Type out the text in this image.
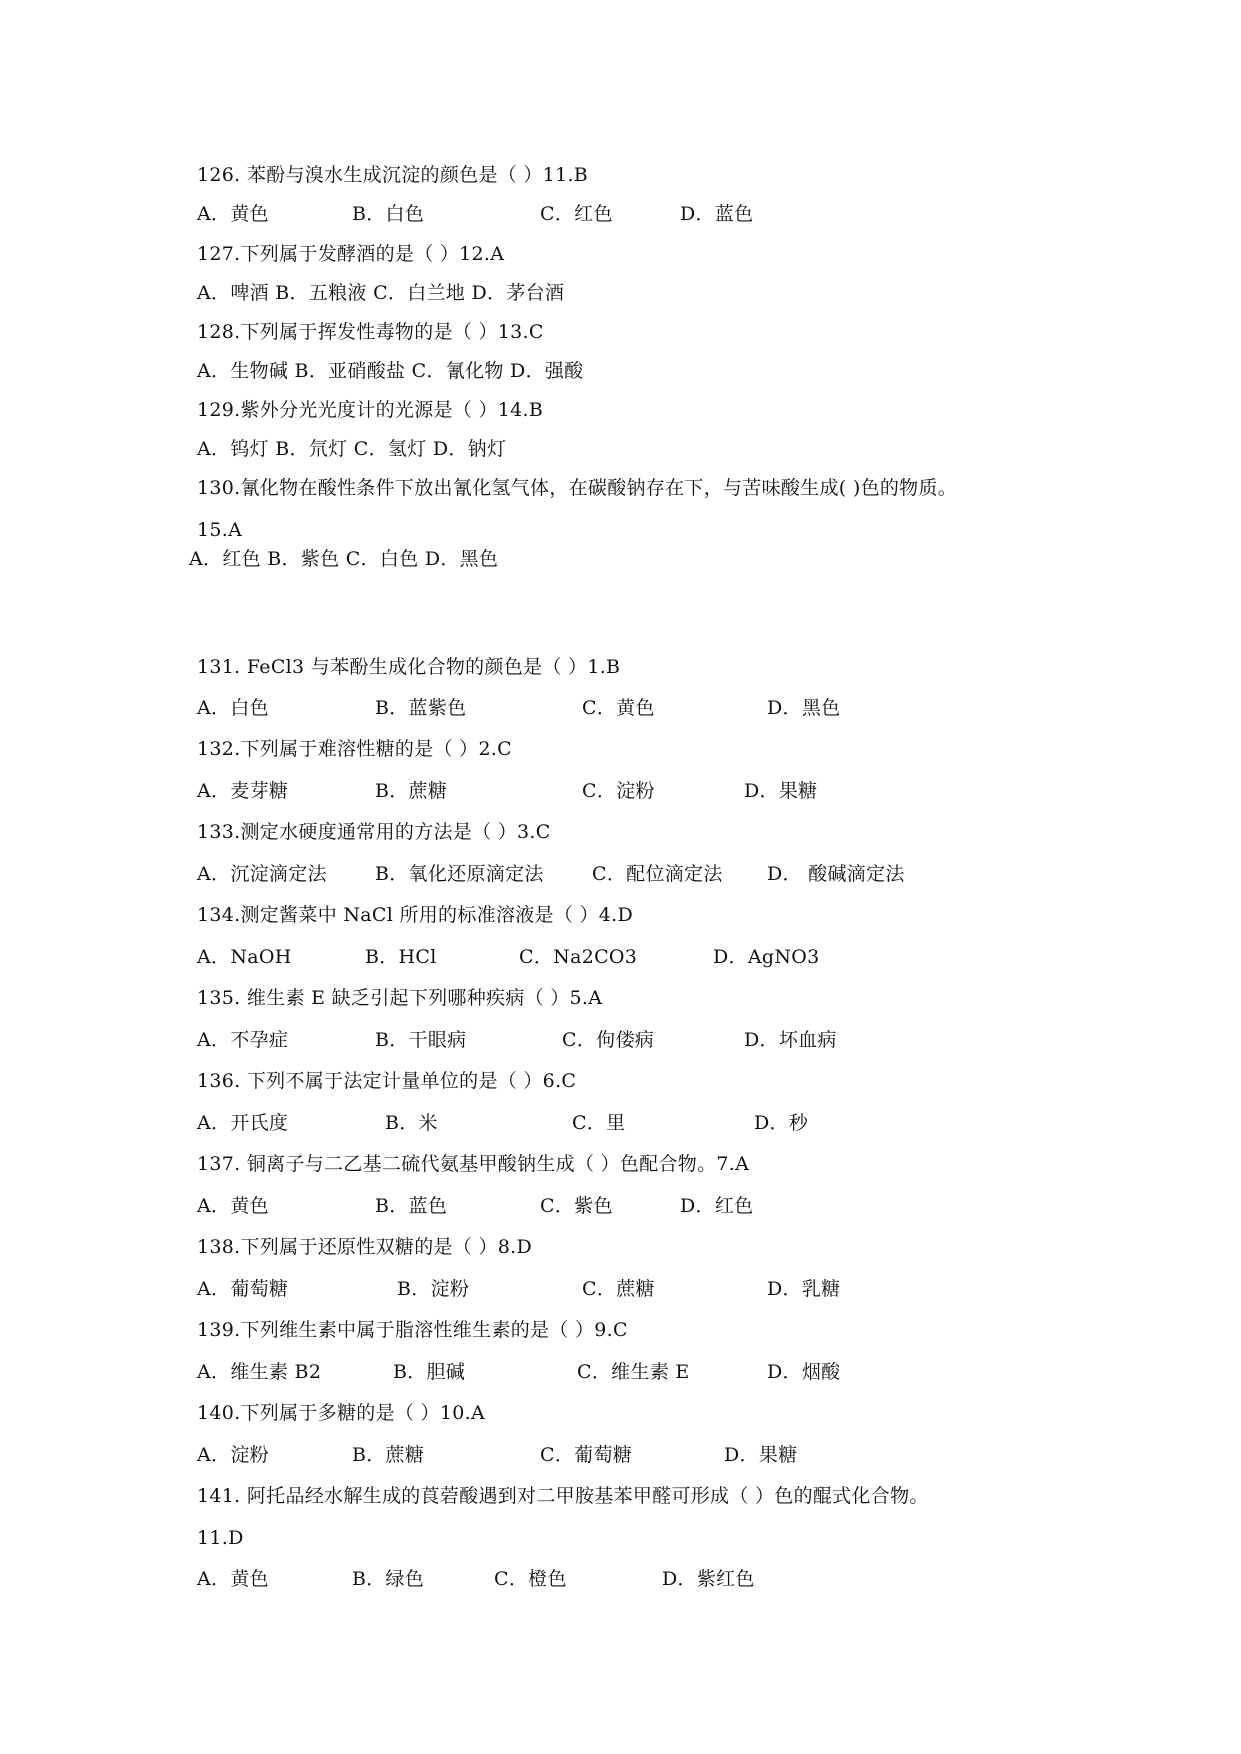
126. 苯酚与溴水生成沉淀的颜色是（ ）11.B
A．黄色	B．白色	C．红色	D．蓝色
127.下列属于发酵酒的是（ ）12.A
A．啤酒 B．五粮液 C．白兰地 D．茅台酒
128.下列属于挥发性毒物的是（ ）13.C
A．生物碱 B．亚硝酸盐 C．氰化物 D．强酸
129.紫外分光光度计的光源是（ ）14.B
A．钨灯 B．氘灯 C．氢灯 D．钠灯
130.氰化物在酸性条件下放出氰化氢气体，在碳酸钠存在下，与苦味酸生成( )色的物质。
15.A
A．红色 B．紫色 C．白色 D．黑色
131. FeCl3 与苯酚生成化合物的颜色是（ ）1.B
A．白色	B．蓝紫色	C．黄色	D．黑色
132.下列属于难溶性糖的是（ ）2.C
A．麦芽糖	B．蔗糖	C．淀粉	D．果糖
133.测定水硬度通常用的方法是（ ）3.C
A．沉淀滴定法	B．氧化还原滴定法	C．配位滴定法 D． 酸碱滴定法
134.测定酱菜中 NaCl 所用的标准溶液是（ ）4.D
A．NaOH	B．HCl	C．Na2CO3	D．AgNO3
135. 维生素 E 缺乏引起下列哪种疾病（ ）5.A
A．不孕症	B．干眼病	C．佝偻病	D．坏血病
136. 下列不属于法定计量单位的是（ ）6.C
A．开氏度	B．米	C．里	D．秒
137. 铜离子与二乙基二硫代氨基甲酸钠生成（ ）色配合物。7.A
A．黄色	B．蓝色	C．紫色	D．红色
138.下列属于还原性双糖的是（ ）8.D
A．葡萄糖	B．淀粉	C．蔗糖	D．乳糖
139.下列维生素中属于脂溶性维生素的是（ ）9.C
A．维生素 B2	B．胆碱	C．维生素 E	D．烟酸
140.下列属于多糖的是（ ）10.A
A．淀粉	B．蔗糖	C．葡萄糖	D．果糖
141. 阿托品经水解生成的莨菪酸遇到对二甲胺基苯甲醛可形成（ ）色的醌式化合物。
11.D
A．黄色	B．绿色	C．橙色	D．紫红色
